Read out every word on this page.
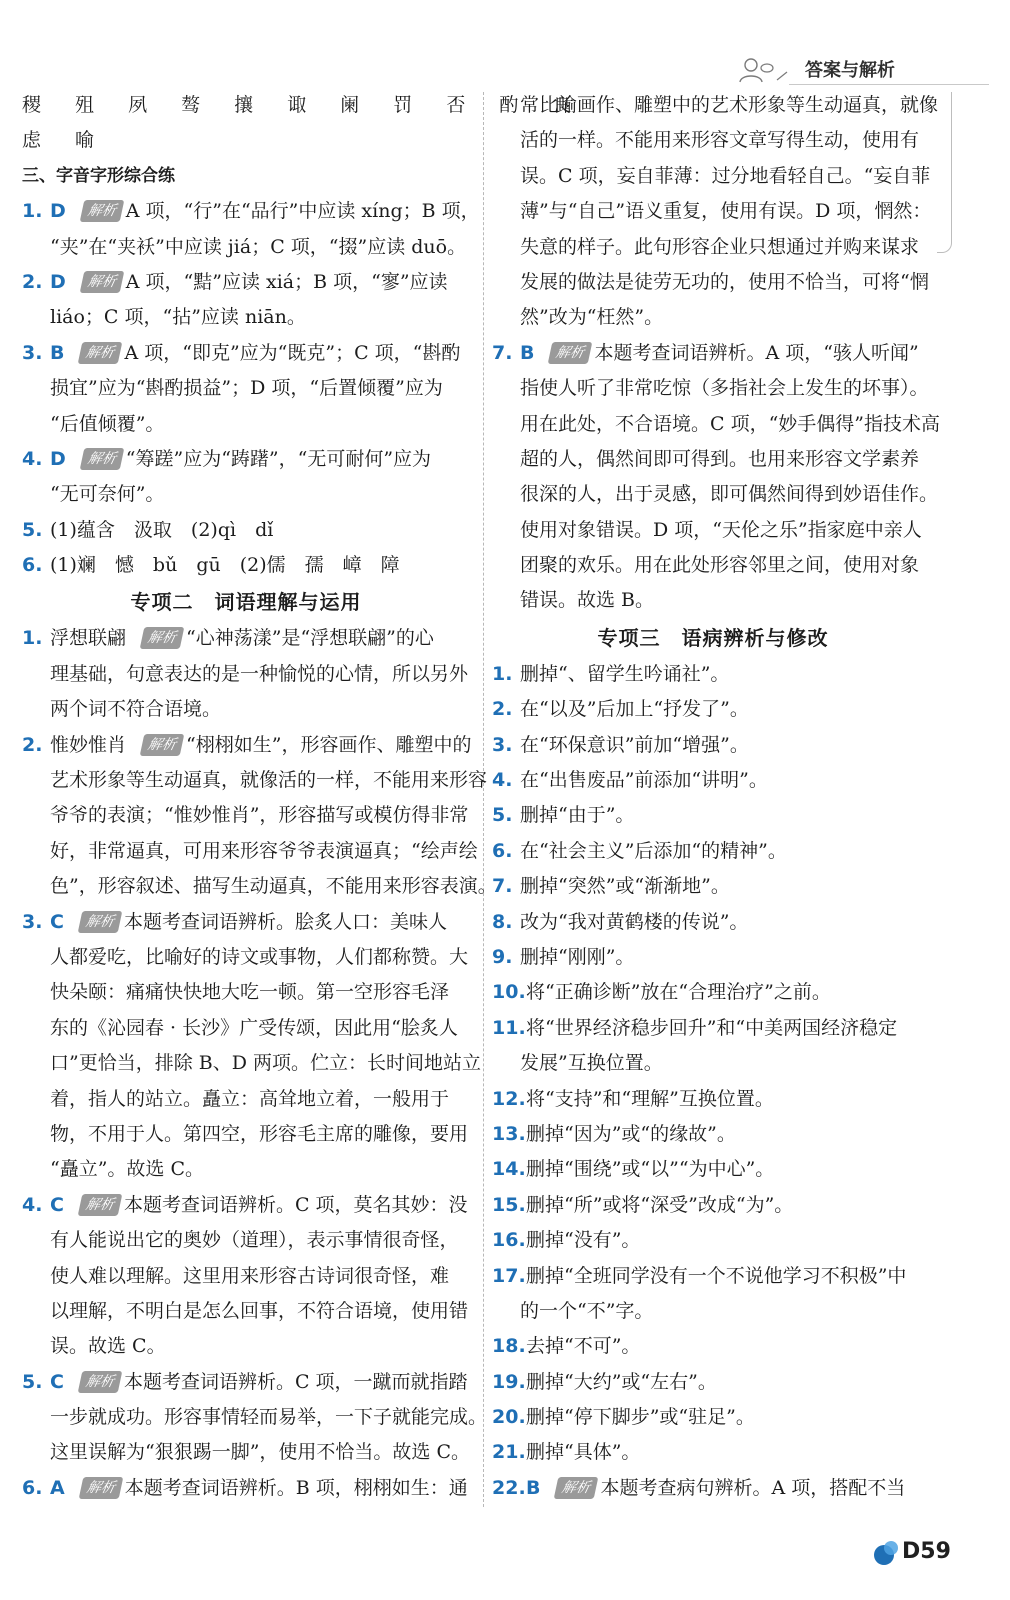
答案与解析
稷 殂 夙 骜 攘 诹 阑 罚 否 酌 良
虑 喻
三、字音字形综合练
1. D 解析 A 项，“行”在“品行”中应读 xíng；B 项，
“夹”在“夹袄”中应读 jiá；C 项，“掇”应读 duō。
2. D 解析 A 项，“黠”应读 xiá；B 项，“寥”应读
liáo；C 项，“拈”应读 niān。
3. B 解析 A 项，“即克”应为“既克”；C 项，“斟酌
损宜”应为“斟酌损益”；D 项，“后置倾覆”应为
“后值倾覆”。
4. D 解析 “筹蹉”应为“踌躇”，“无可耐何”应为
“无可奈何”。
5. (1)蕴含　汲取　(2)qì　dǐ
6. (1)斓　憾　bǔ　gū　(2)儒　孺　嶂　障
专项二　词语理解与运用
1. 浮想联翩 解析 “心神荡漾”是“浮想联翩”的心
理基础，句意表达的是一种愉悦的心情，所以另外
两个词不符合语境。
2. 惟妙惟肖 解析 “栩栩如生”，形容画作、雕塑中的
艺术形象等生动逼真，就像活的一样，不能用来形容
爷爷的表演；“惟妙惟肖”，形容描写或模仿得非常
好，非常逼真，可用来形容爷爷表演逼真；“绘声绘
色”，形容叙述、描写生动逼真，不能用来形容表演。
3. C 解析 本题考查词语辨析。脍炙人口：美味人
人都爱吃，比喻好的诗文或事物，人们都称赞。大
快朵颐：痛痛快快地大吃一顿。第一空形容毛泽
东的《沁园春 · 长沙》广受传颂，因此用“脍炙人
口”更恰当，排除 B、D 两项。伫立：长时间地站立
着，指人的站立。矗立：高耸地立着，一般用于
物，不用于人。第四空，形容毛主席的雕像，要用
“矗立”。故选 C。
4. C 解析 本题考查词语辨析。C 项，莫名其妙：没
有人能说出它的奥妙（道理），表示事情很奇怪，
使人难以理解。这里用来形容古诗词很奇怪，难
以理解，不明白是怎么回事，不符合语境，使用错
误。故选 C。
5. C 解析 本题考查词语辨析。C 项，一蹴而就指踏
一步就成功。形容事情轻而易举，一下子就能完成。
这里误解为“狠狠踢一脚”，使用不恰当。故选 C。
6. A 解析 本题考查词语辨析。B 项，栩栩如生：通
常比喻画作、雕塑中的艺术形象等生动逼真，就像
活的一样。不能用来形容文章写得生动，使用有
误。C 项，妄自菲薄：过分地看轻自己。“妄自菲
薄”与“自己”语义重复，使用有误。D 项，惘然：
失意的样子。此句形容企业只想通过并购来谋求
发展的做法是徒劳无功的，使用不恰当，可将“惘
然”改为“枉然”。
7. B 解析 本题考查词语辨析。A 项，“骇人听闻”
指使人听了非常吃惊（多指社会上发生的坏事）。
用在此处，不合语境。C 项，“妙手偶得”指技术高
超的人，偶然间即可得到。也用来形容文学素养
很深的人，出于灵感，即可偶然间得到妙语佳作。
使用对象错误。D 项，“天伦之乐”指家庭中亲人
团聚的欢乐。用在此处形容邻里之间，使用对象
错误。故选 B。
专项三　语病辨析与修改
1. 删掉“、留学生吟诵社”。
2. 在“以及”后加上“抒发了”。
3. 在“环保意识”前加“增强”。
4. 在“出售废品”前添加“讲明”。
5. 删掉“由于”。
6. 在“社会主义”后添加“的精神”。
7. 删掉“突然”或“渐渐地”。
8. 改为“我对黄鹤楼的传说”。
9. 删掉“刚刚”。
10.将“正确诊断”放在“合理治疗”之前。
11.将“世界经济稳步回升”和“中美两国经济稳定
发展”互换位置。
12.将“支持”和“理解”互换位置。
13.删掉“因为”或“的缘故”。
14.删掉“围绕”或“以”“为中心”。
15.删掉“所”或将“深受”改成“为”。
16.删掉“没有”。
17.删掉“全班同学没有一个不说他学习不积极”中
的一个“不”字。
18.去掉“不可”。
19.删掉“大约”或“左右”。
20.删掉“停下脚步”或“驻足”。
21.删掉“具体”。
22.B 解析 本题考查病句辨析。A 项，搭配不当
D59
